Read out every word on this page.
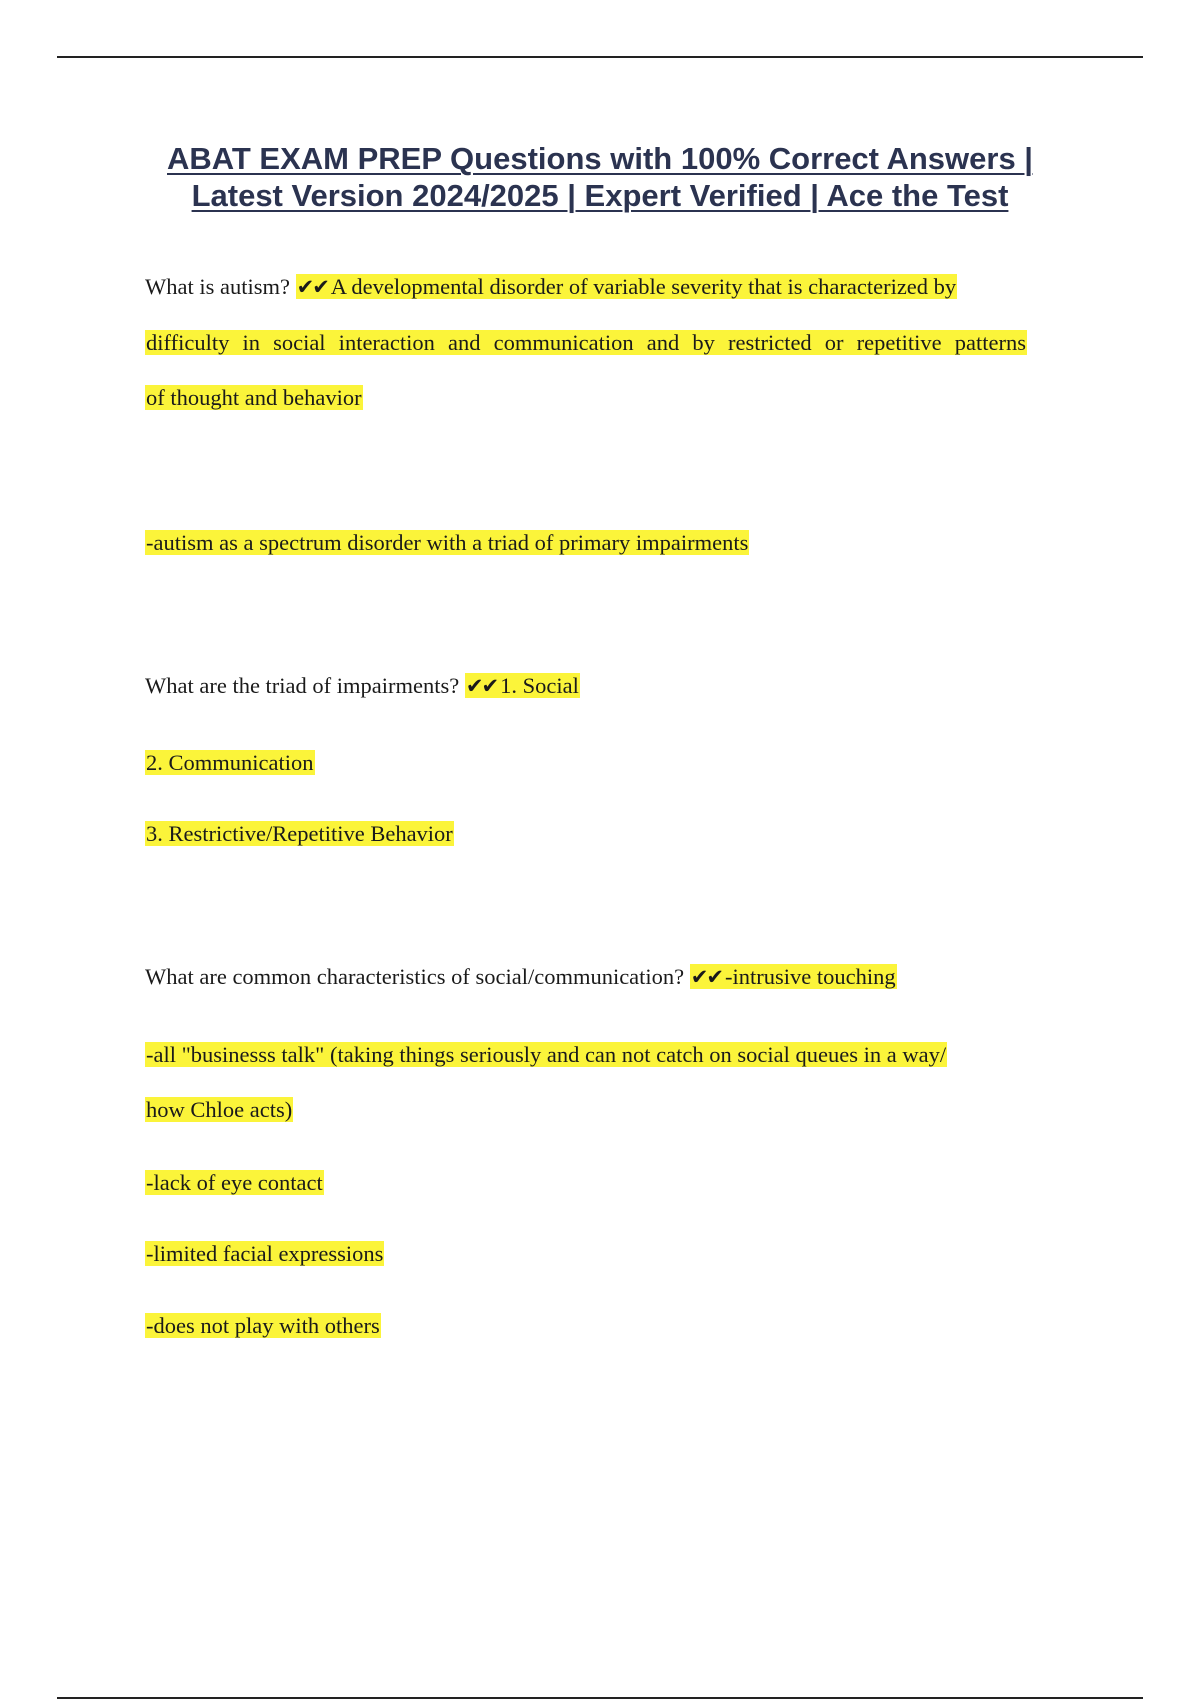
ABAT EXAM PREP Questions with 100% Correct Answers |
Latest Version 2024/2025 | Expert Verified | Ace the Test
What is autism? ✔✔ A developmental disorder of variable severity that is characterized by
difficulty in social interaction and communication and by restricted or repetitive patterns
of thought and behavior
-autism as a spectrum disorder with a triad of primary impairments
What are the triad of impairments? ✔✔ 1. Social
2. Communication
3. Restrictive/Repetitive Behavior
What are common characteristics of social/communication? ✔✔ -intrusive touching
-all "businesss talk" (taking things seriously and can not catch on social queues in a way/
how Chloe acts)
-lack of eye contact
-limited facial expressions
-does not play with others
